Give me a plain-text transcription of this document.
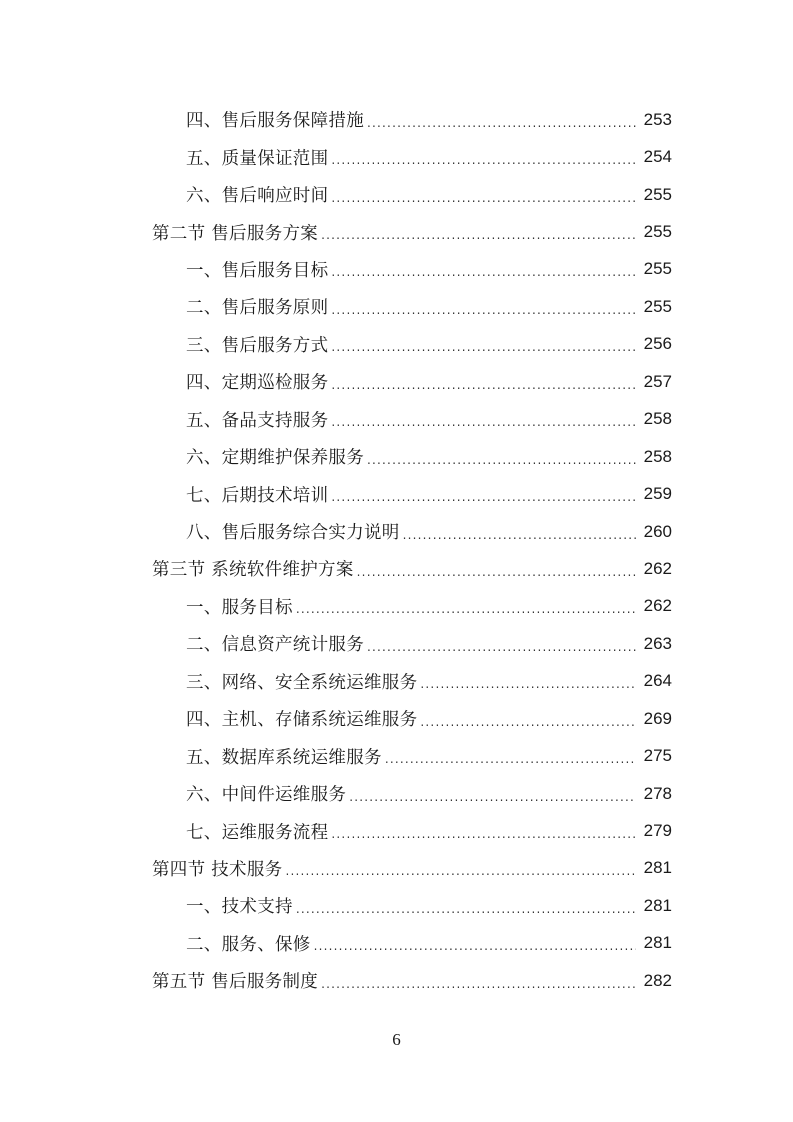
四、售后服务保障措施 .....	253
五、质量保证范围 .....	254
六、售后响应时间 .....	255
第二节 售后服务方案 .....	255
一、售后服务目标 .....	255
二、售后服务原则 .....	255
三、售后服务方式 .....	256
四、定期巡检服务 .....	257
五、备品支持服务 .....	258
六、定期维护保养服务 .....	258
七、后期技术培训 .....	259
八、售后服务综合实力说明 .....	260
第三节 系统软件维护方案 .....	262
一、服务目标 .....	262
二、信息资产统计服务 .....	263
三、网络、安全系统运维服务 .....	264
四、主机、存储系统运维服务 .....	269
五、数据库系统运维服务 .....	275
六、中间件运维服务 .....	278
七、运维服务流程 .....	279
第四节 技术服务 .....	281
一、技术支持 .....	281
二、服务、保修 .....	281
第五节 售后服务制度 .....	282
6
